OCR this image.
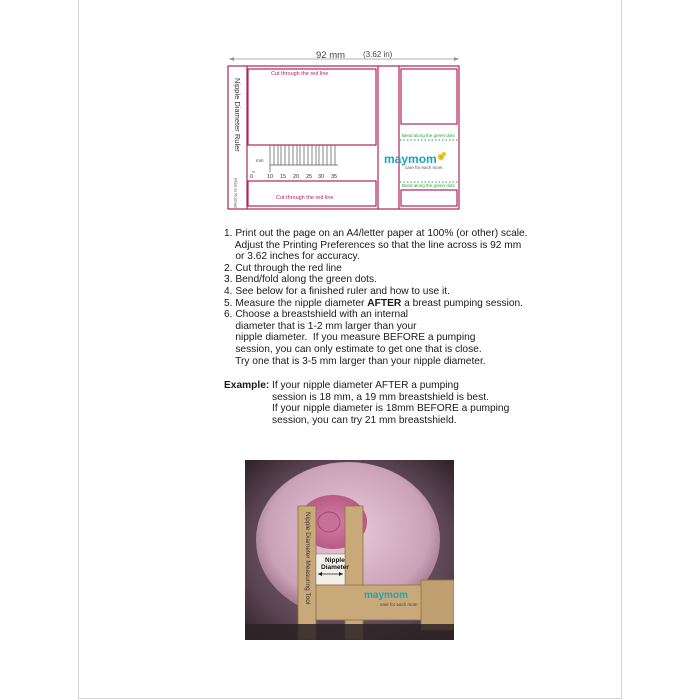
92 mm (3.62 in)
Nipple Diameter Ruler
Print in Portrait
Cut through the red line
Cut through the red line
Bend along the green dots
Bend along the green dots
mm
0	10 15 20 25 30 35
maymom
care for each mom
1. Print out the page on an A4/letter paper at 100% (or other) scale.
Adjust the Printing Preferences so that the line across is 92 mm
or 3.62 inches for accuracy.
2. Cut through the red line
3. Bend/fold along the green dots.
4. See below for a finished ruler and how to use it.
5. Measure the nipple diameter AFTER a breast pumping session.
6. Choose a breastshield with an internal
diameter that is 1-2 mm larger than your
nipple diameter.  If you measure BEFORE a pumping
session, you can only estimate to get one that is close.
Try one that is 3-5 mm larger than your nipple diameter.
Example: If your nipple diameter AFTER a pumping
session is 18 mm, a 19 mm breastshield is best.
If your nipple diameter is 18mm BEFORE a pumping
session, you can try 21 mm breastshield.
Nipple
Diameter
Nipple Diameter Measuring Tool	maymom
care for each mom
